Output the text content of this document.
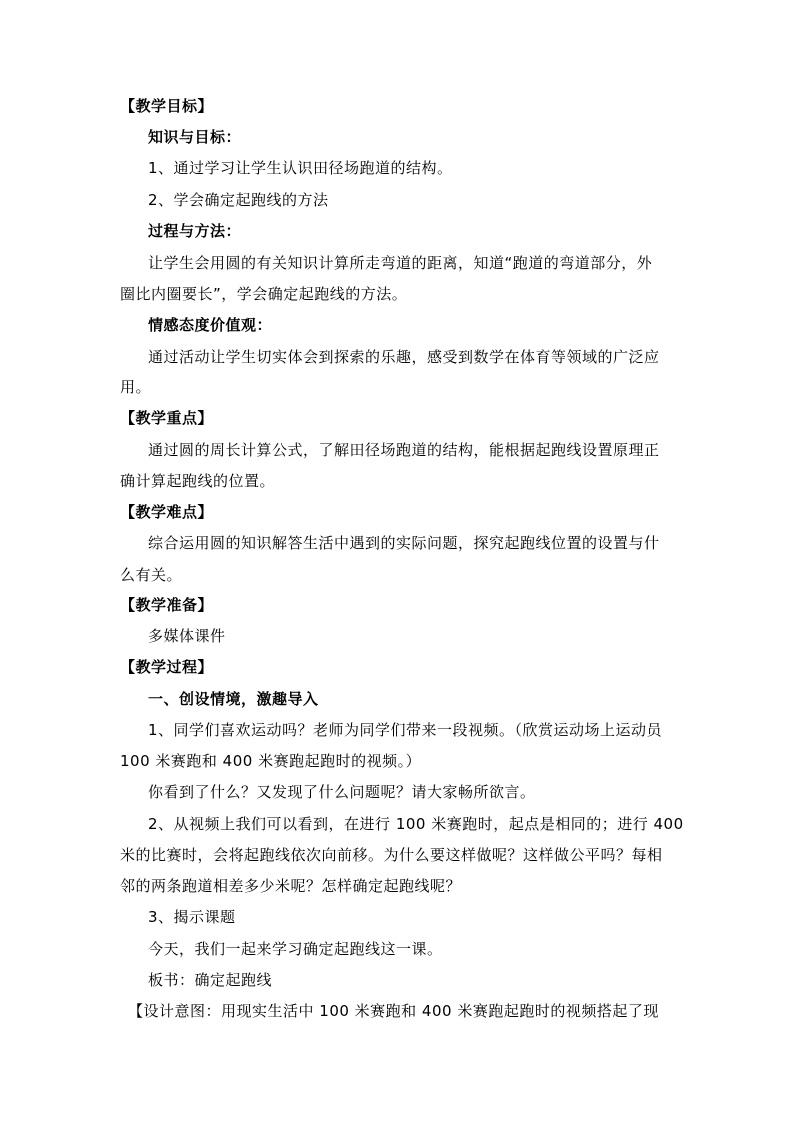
【教学目标】
知识与目标：
1、通过学习让学生认识田径场跑道的结构。
2、学会确定起跑线的方法
过程与方法：
让学生会用圆的有关知识计算所走弯道的距离，知道“跑道的弯道部分，外
圈比内圈要长”，学会确定起跑线的方法。
情感态度价值观：
通过活动让学生切实体会到探索的乐趣，感受到数学在体育等领域的广泛应
用。
【教学重点】
通过圆的周长计算公式，了解田径场跑道的结构，能根据起跑线设置原理正
确计算起跑线的位置。
【教学难点】
综合运用圆的知识解答生活中遇到的实际问题，探究起跑线位置的设置与什
么有关。
【教学准备】
多媒体课件
【教学过程】
一、创设情境，激趣导入
1、同学们喜欢运动吗？老师为同学们带来一段视频。（欣赏运动场上运动员
100 米赛跑和 400 米赛跑起跑时的视频。）
你看到了什么？又发现了什么问题呢？请大家畅所欲言。
2、从视频上我们可以看到，在进行 100 米赛跑时，起点是相同的；进行 400
米的比赛时，会将起跑线依次向前移。为什么要这样做呢？这样做公平吗？每相
邻的两条跑道相差多少米呢？怎样确定起跑线呢？
3、揭示课题
今天，我们一起来学习确定起跑线这一课。
板书：确定起跑线
【设计意图：用现实生活中 100 米赛跑和 400 米赛跑起跑时的视频搭起了现
